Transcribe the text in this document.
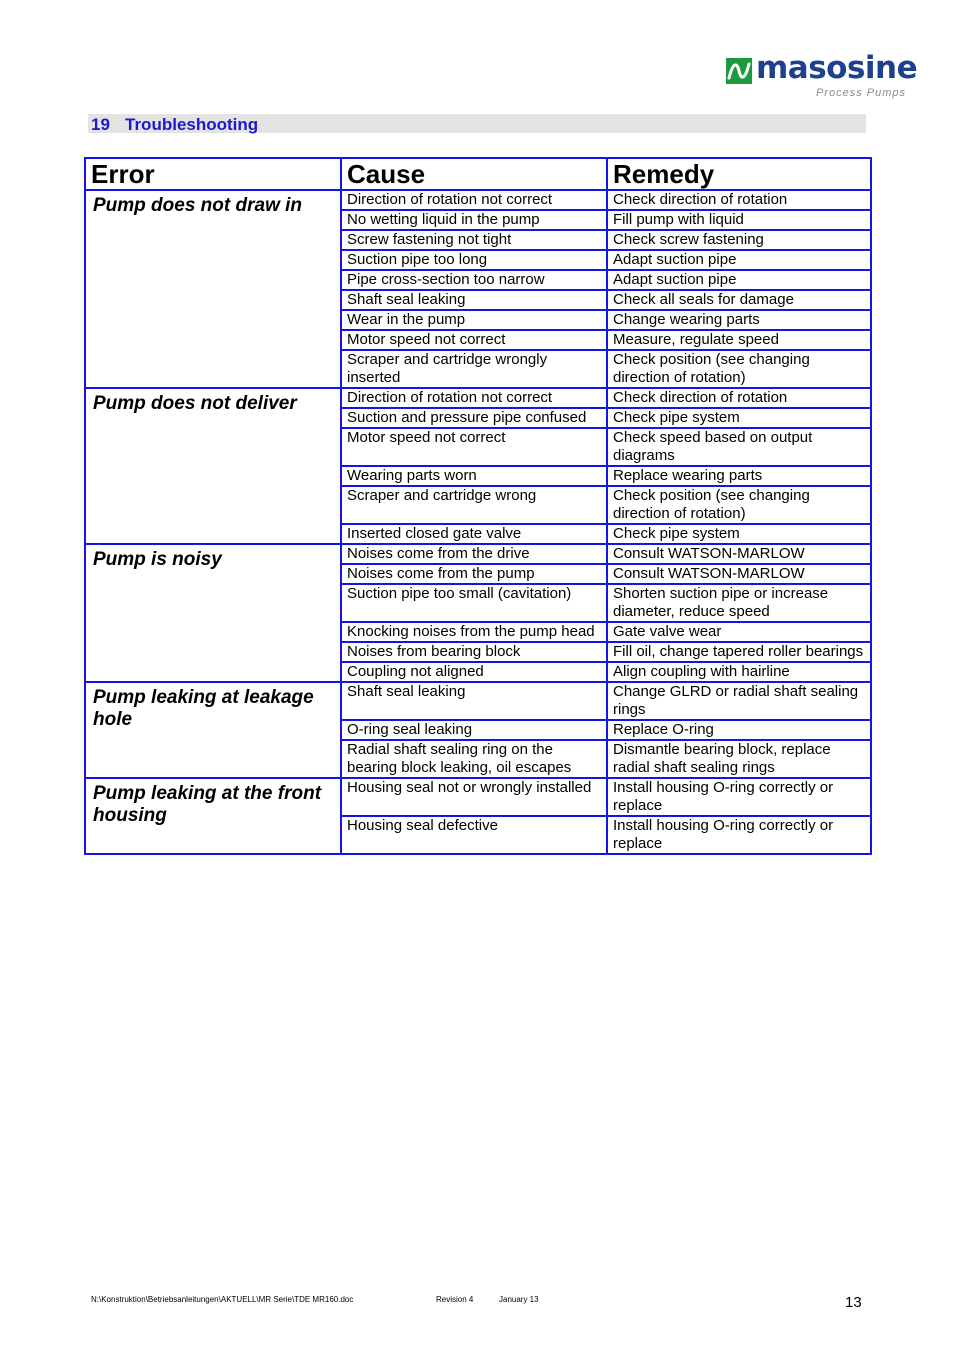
masosine
Process Pumps
19 Troubleshooting
Error	Cause	Remedy
Pump does not draw in	Direction of rotation not correct	Check direction of rotation
	No wetting liquid in the pump	Fill pump with liquid
	Screw fastening not tight	Check screw fastening
	Suction pipe too long	Adapt suction pipe
	Pipe cross-section too narrow	Adapt suction pipe
	Shaft seal leaking	Check all seals for damage
	Wear in the pump	Change wearing parts
	Motor speed not correct	Measure, regulate speed
	Scraper and cartridge wrongly inserted	Check position (see changing direction of rotation)
Pump does not deliver	Direction of rotation not correct	Check direction of rotation
	Suction and pressure pipe confused	Check pipe system
	Motor speed not correct	Check speed based on output diagrams
	Wearing parts worn	Replace wearing parts
	Scraper and cartridge wrong	Check position (see changing direction of rotation)
	Inserted closed gate valve	Check pipe system
Pump is noisy	Noises come from the drive	Consult WATSON-MARLOW
	Noises come from the pump	Consult WATSON-MARLOW
	Suction pipe too small (cavitation)	Shorten suction pipe or increase diameter, reduce speed
	Knocking noises from the pump head	Gate valve wear
	Noises from bearing block	Fill oil, change tapered roller bearings
	Coupling not aligned	Align coupling with hairline
Pump leaking at leakage hole	Shaft seal leaking	Change GLRD or radial shaft sealing rings
	O-ring seal leaking	Replace O-ring
	Radial shaft sealing ring on the bearing block leaking, oil escapes	Dismantle bearing block, replace radial shaft sealing rings
Pump leaking at the front housing	Housing seal not or wrongly installed	Install housing O-ring correctly or replace
	Housing seal defective	Install housing O-ring correctly or replace
N:\Konstruktion\Betriebsanleitungen\AKTUELL\MR Serie\TDE MR160.doc	Revision 4	January 13	13
